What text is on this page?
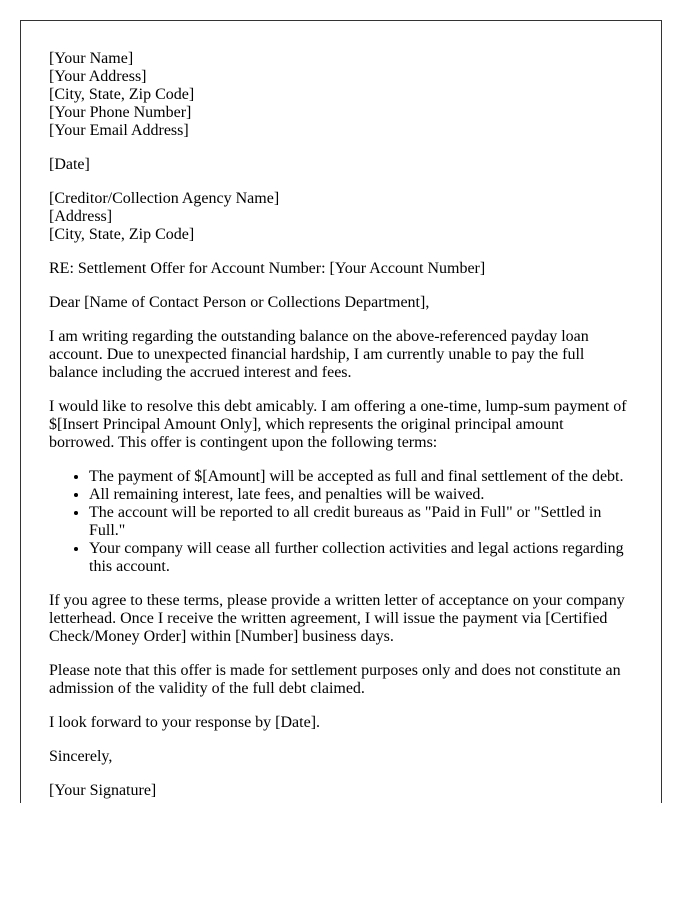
[Your Name]
[Your Address]
[City, State, Zip Code]
[Your Phone Number]
[Your Email Address]

[Date]

[Creditor/Collection Agency Name]
[Address]
[City, State, Zip Code]

RE: Settlement Offer for Account Number: [Your Account Number]

Dear [Name of Contact Person or Collections Department],

I am writing regarding the outstanding balance on the above-referenced payday loan account. Due to unexpected financial hardship, I am currently unable to pay the full balance including the accrued interest and fees.

I would like to resolve this debt amicably. I am offering a one-time, lump-sum payment of $[Insert Principal Amount Only], which represents the original principal amount borrowed. This offer is contingent upon the following terms:

• The payment of $[Amount] will be accepted as full and final settlement of the debt.
• All remaining interest, late fees, and penalties will be waived.
• The account will be reported to all credit bureaus as "Paid in Full" or "Settled in Full."
• Your company will cease all further collection activities and legal actions regarding this account.

If you agree to these terms, please provide a written letter of acceptance on your company letterhead. Once I receive the written agreement, I will issue the payment via [Certified Check/Money Order] within [Number] business days.

Please note that this offer is made for settlement purposes only and does not constitute an admission of the validity of the full debt claimed.

I look forward to your response by [Date].

Sincerely,

[Your Signature]
